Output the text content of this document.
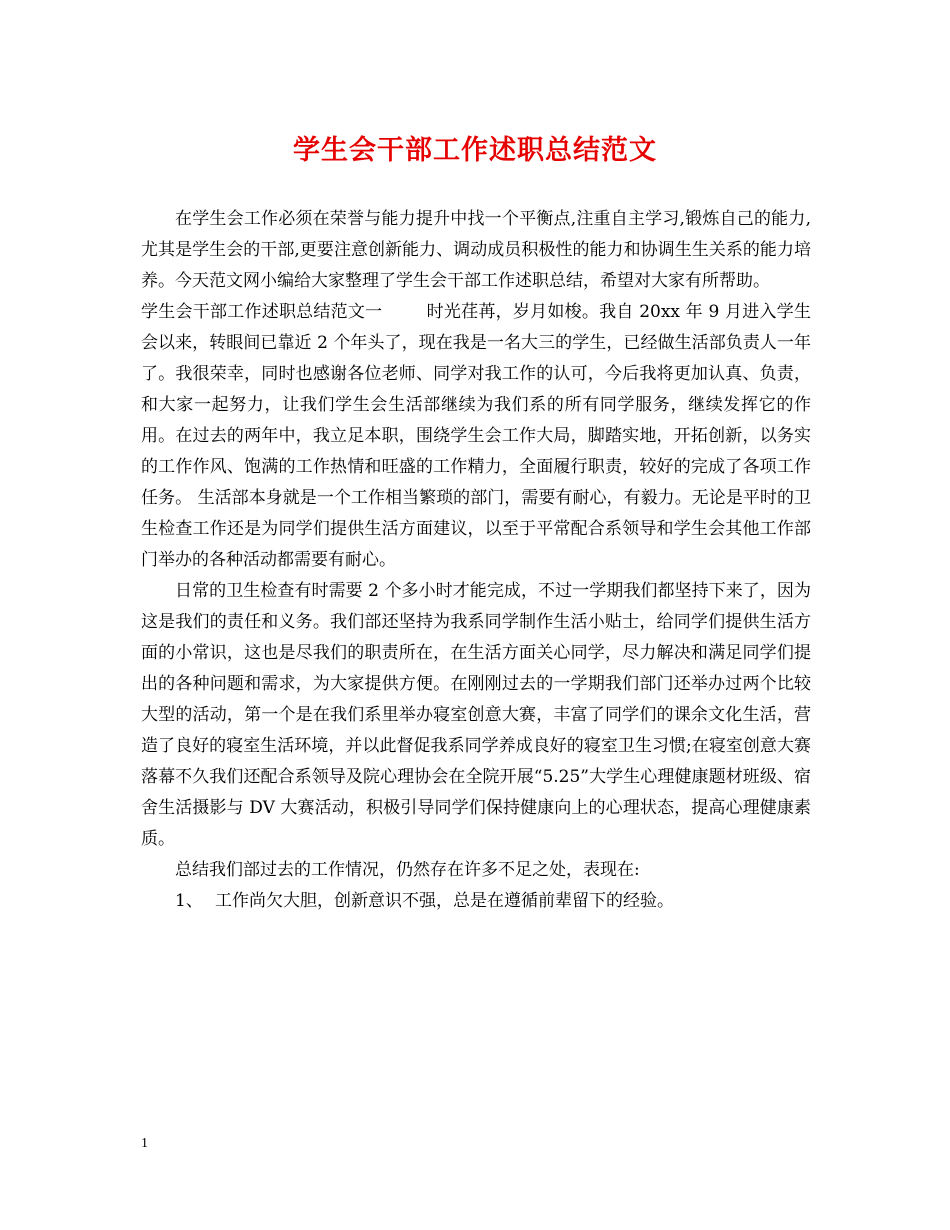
学生会干部工作述职总结范文

在学生会工作必须在荣誉与能力提升中找一个平衡点,注重自主学习,锻炼自己的能力,尤其是学生会的干部,更要注意创新能力、调动成员积极性的能力和协调生生关系的能力培养。今天范文网小编给大家整理了学生会干部工作述职总结，希望对大家有所帮助。

学生会干部工作述职总结范文一	时光荏苒，岁月如梭。我自 20xx 年 9 月进入学生会以来，转眼间已靠近 2 个年头了，现在我是一名大三的学生，已经做生活部负责人一年了。我很荣幸，同时也感谢各位老师、同学对我工作的认可，今后我将更加认真、负责，和大家一起努力，让我们学生会生活部继续为我们系的所有同学服务，继续发挥它的作用。在过去的两年中，我立足本职，围绕学生会工作大局，脚踏实地，开拓创新，以务实的工作作风、饱满的工作热情和旺盛的工作精力，全面履行职责，较好的完成了各项工作任务。 生活部本身就是一个工作相当繁琐的部门，需要有耐心，有毅力。无论是平时的卫生检查工作还是为同学们提供生活方面建议，以至于平常配合系领导和学生会其他工作部门举办的各种活动都需要有耐心。

日常的卫生检查有时需要 2 个多小时才能完成，不过一学期我们都坚持下来了，因为这是我们的责任和义务。我们部还坚持为我系同学制作生活小贴士，给同学们提供生活方面的小常识，这也是尽我们的职责所在，在生活方面关心同学，尽力解决和满足同学们提出的各种问题和需求，为大家提供方便。在刚刚过去的一学期我们部门还举办过两个比较大型的活动，第一个是在我们系里举办寝室创意大赛，丰富了同学们的课余文化生活，营造了良好的寝室生活环境，并以此督促我系同学养成良好的寝室卫生习惯;在寝室创意大赛落幕不久我们还配合系领导及院心理协会在全院开展“5.25”大学生心理健康题材班级、宿舍生活摄影与 DV 大赛活动，积极引导同学们保持健康向上的心理状态，提高心理健康素质。

总结我们部过去的工作情况，仍然存在许多不足之处，表现在:

1、 工作尚欠大胆，创新意识不强，总是在遵循前辈留下的经验。

1
